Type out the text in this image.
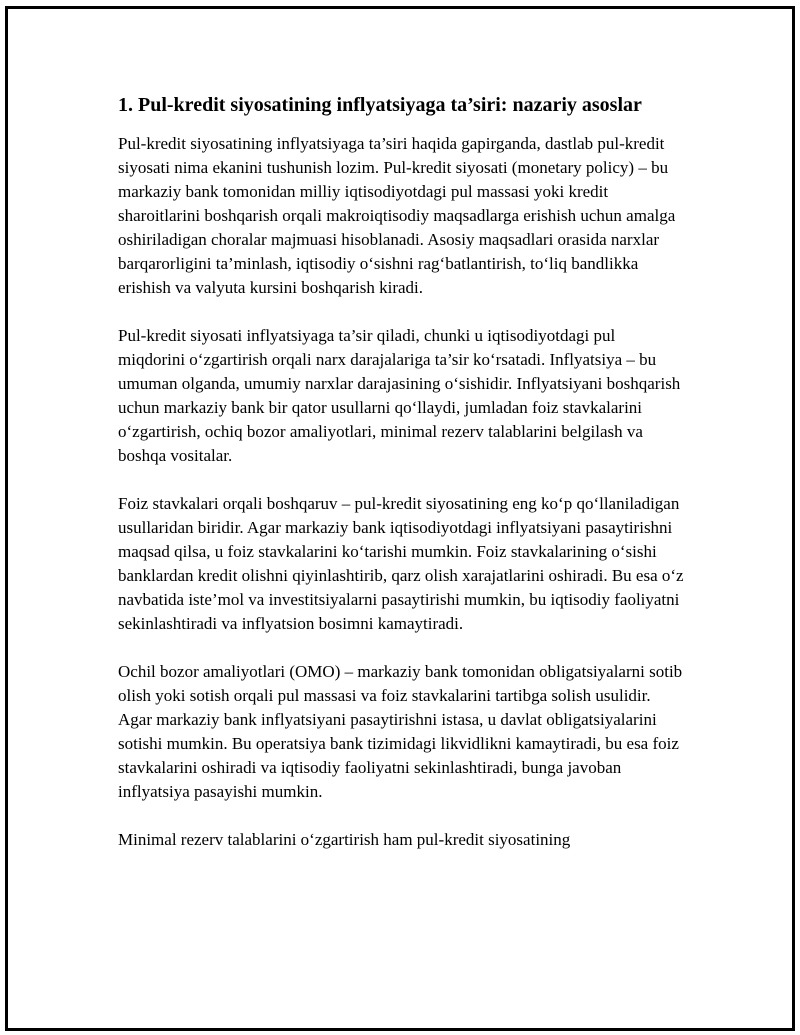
1. Pul-kredit siyosatining inflyatsiyaga ta’siri: nazariy asoslar

Pul-kredit siyosatining inflyatsiyaga ta’siri haqida gapirganda, dastlab pul-kredit siyosati nima ekanini tushunish lozim. Pul-kredit siyosati (monetary policy) – bu markaziy bank tomonidan milliy iqtisodiyotdagi pul massasi yoki kredit sharoitlarini boshqarish orqali makroiqtisodiy maqsadlarga erishish uchun amalga oshiriladigan choralar majmuasi hisoblanadi. Asosiy maqsadlari orasida narxlar barqarorligini ta’minlash, iqtisodiy o‘sishni rag‘batlantirish, to‘liq bandlikka erishish va valyuta kursini boshqarish kiradi.

Pul-kredit siyosati inflyatsiyaga ta’sir qiladi, chunki u iqtisodiyotdagi pul miqdorini o‘zgartirish orqali narx darajalariga ta’sir ko‘rsatadi. Inflyatsiya – bu umuman olganda, umumiy narxlar darajasining o‘sishidir. Inflyatsiyani boshqarish uchun markaziy bank bir qator usullarni qo‘llaydi, jumladan foiz stavkalarini o‘zgartirish, ochiq bozor amaliyotlari, minimal rezerv talablarini belgilash va boshqa vositalar.

Foiz stavkalari orqali boshqaruv – pul-kredit siyosatining eng ko‘p qo‘llaniladigan usullaridan biridir. Agar markaziy bank iqtisodiyotdagi inflyatsiyani pasaytirishni maqsad qilsa, u foiz stavkalarini ko‘tarishi mumkin. Foiz stavkalarining o‘sishi banklardan kredit olishni qiyinlashtirib, qarz olish xarajatlarini oshiradi. Bu esa o‘z navbatida iste’mol va investitsiyalarni pasaytirishi mumkin, bu iqtisodiy faoliyatni sekinlashtiradi va inflyatsion bosimni kamaytiradi.

Ochil bozor amaliyotlari (OMO) – markaziy bank tomonidan obligatsiyalarni sotib olish yoki sotish orqali pul massasi va foiz stavkalarini tartibga solish usulidir. Agar markaziy bank inflyatsiyani pasaytirishni istasa, u davlat obligatsiyalarini sotishi mumkin. Bu operatsiya bank tizimidagi likvidlikni kamaytiradi, bu esa foiz stavkalarini oshiradi va iqtisodiy faoliyatni sekinlashtiradi, bunga javoban inflyatsiya pasayishi mumkin.

Minimal rezerv talablarini o‘zgartirish ham pul-kredit siyosatining
